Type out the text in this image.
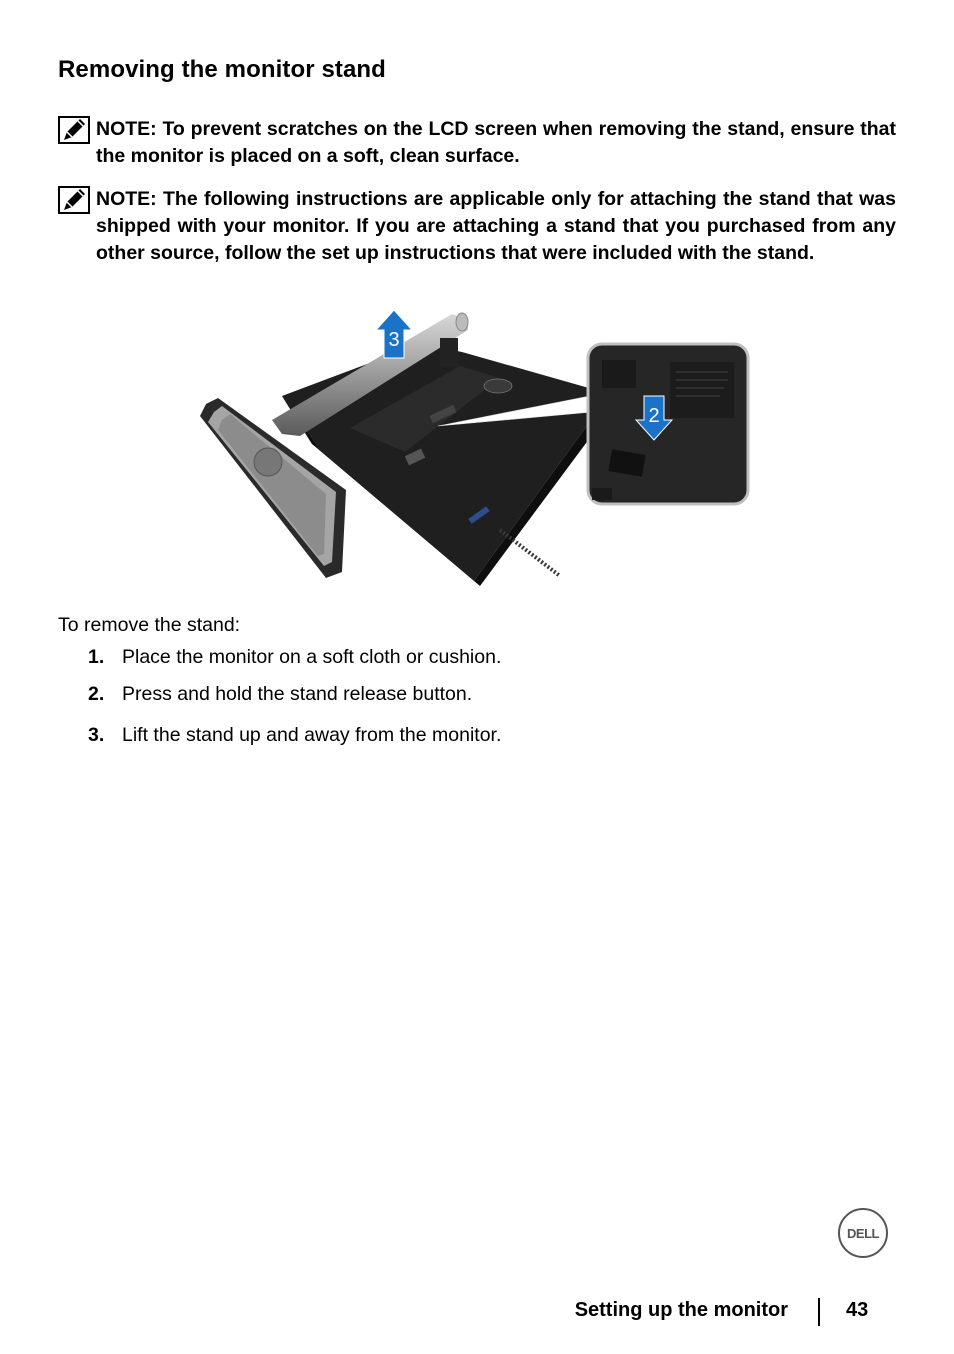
Removing the monitor stand

NOTE: To prevent scratches on the LCD screen when removing the stand, ensure that the monitor is placed on a soft, clean surface.

NOTE: The following instructions are applicable only for attaching the stand that was shipped with your monitor. If you are attaching a stand that you purchased from any other source, follow the set up instructions that were included with the stand.

3
2

To remove the stand:

1. Place the monitor on a soft cloth or cushion.
2. Press and hold the stand release button.
3. Lift the stand up and away from the monitor.
DELL
Setting up the monitor	43
